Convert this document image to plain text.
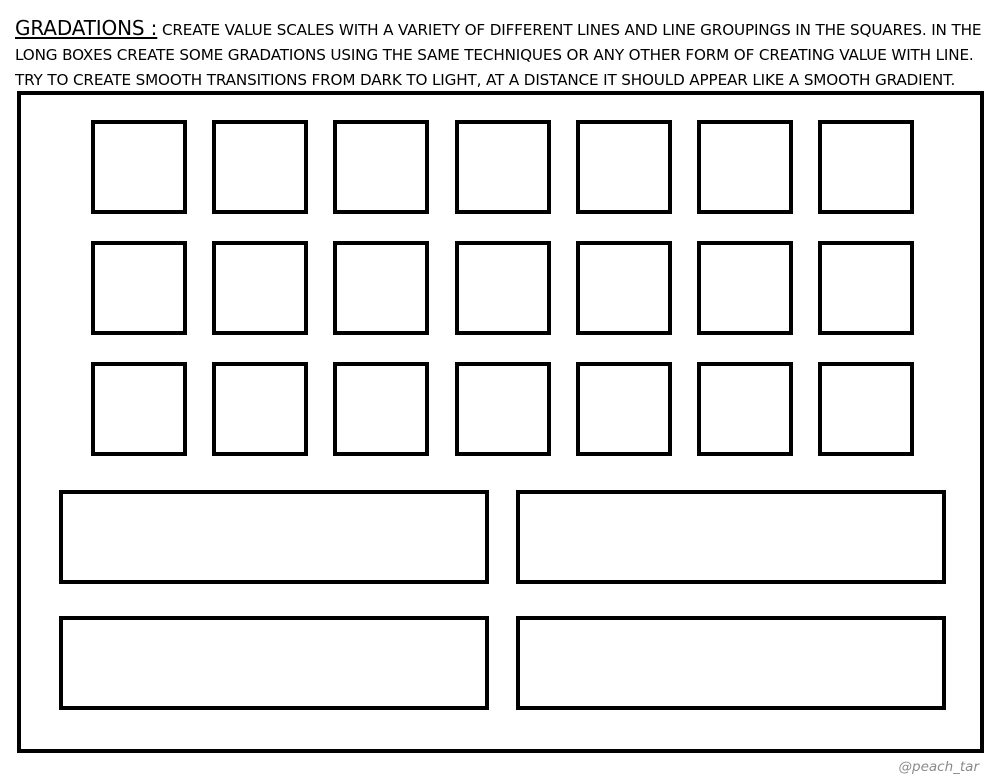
GRADATIONS : CREATE VALUE SCALES WITH A VARIETY OF DIFFERENT LINES AND LINE GROUPINGS IN THE SQUARES. IN THE LONG BOXES CREATE SOME GRADATIONS USING THE SAME TECHNIQUES OR ANY OTHER FORM OF CREATING VALUE WITH LINE. TRY TO CREATE SMOOTH TRANSITIONS FROM DARK TO LIGHT, AT A DISTANCE IT SHOULD APPEAR LIKE A SMOOTH GRADIENT.

@peach_tar
